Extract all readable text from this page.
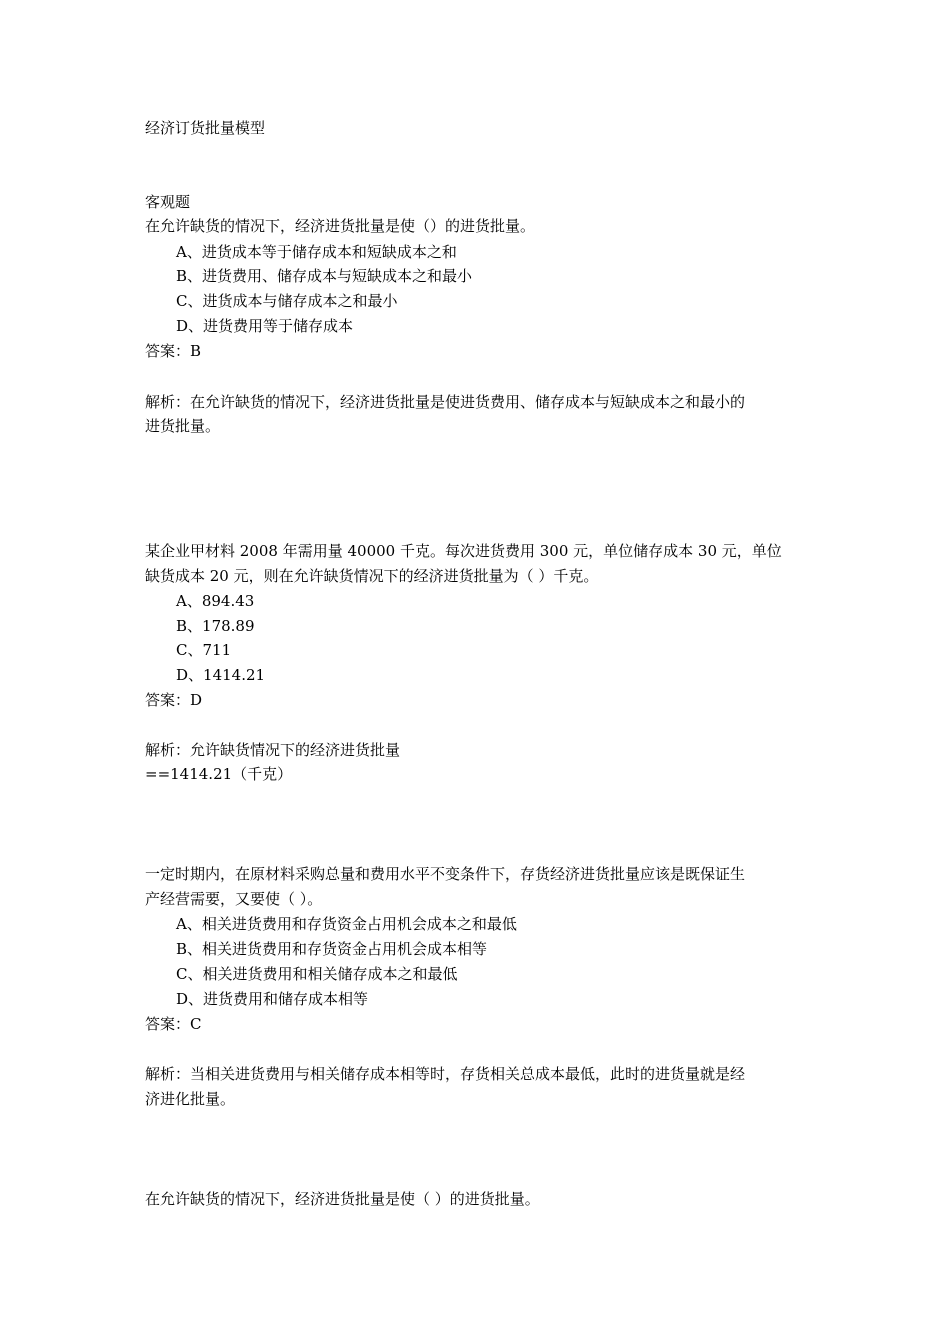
经济订货批量模型
客观题
在允许缺货的情况下，经济进货批量是使（）的进货批量。
A、进货成本等于储存成本和短缺成本之和
B、进货费用、储存成本与短缺成本之和最小
C、进货成本与储存成本之和最小
D、进货费用等于储存成本
答案：B
解析：在允许缺货的情况下，经济进货批量是使进货费用、储存成本与短缺成本之和最小的
进货批量。
某企业甲材料 2008 年需用量 40000 千克。每次进货费用 300 元，单位储存成本 30 元，单位
缺货成本 20 元，则在允许缺货情况下的经济进货批量为（ ）千克。
A、894.43
B、178.89
C、711
D、1414.21
答案：D
解析：允许缺货情况下的经济进货批量
==1414.21（千克）
一定时期内，在原材料采购总量和费用水平不变条件下，存货经济进货批量应该是既保证生
产经营需要，又要使（ ）。
A、相关进货费用和存货资金占用机会成本之和最低
B、相关进货费用和存货资金占用机会成本相等
C、相关进货费用和相关储存成本之和最低
D、进货费用和储存成本相等
答案：C
解析：当相关进货费用与相关储存成本相等时，存货相关总成本最低，此时的进货量就是经
济进化批量。
在允许缺货的情况下，经济进货批量是使（ ）的进货批量。
